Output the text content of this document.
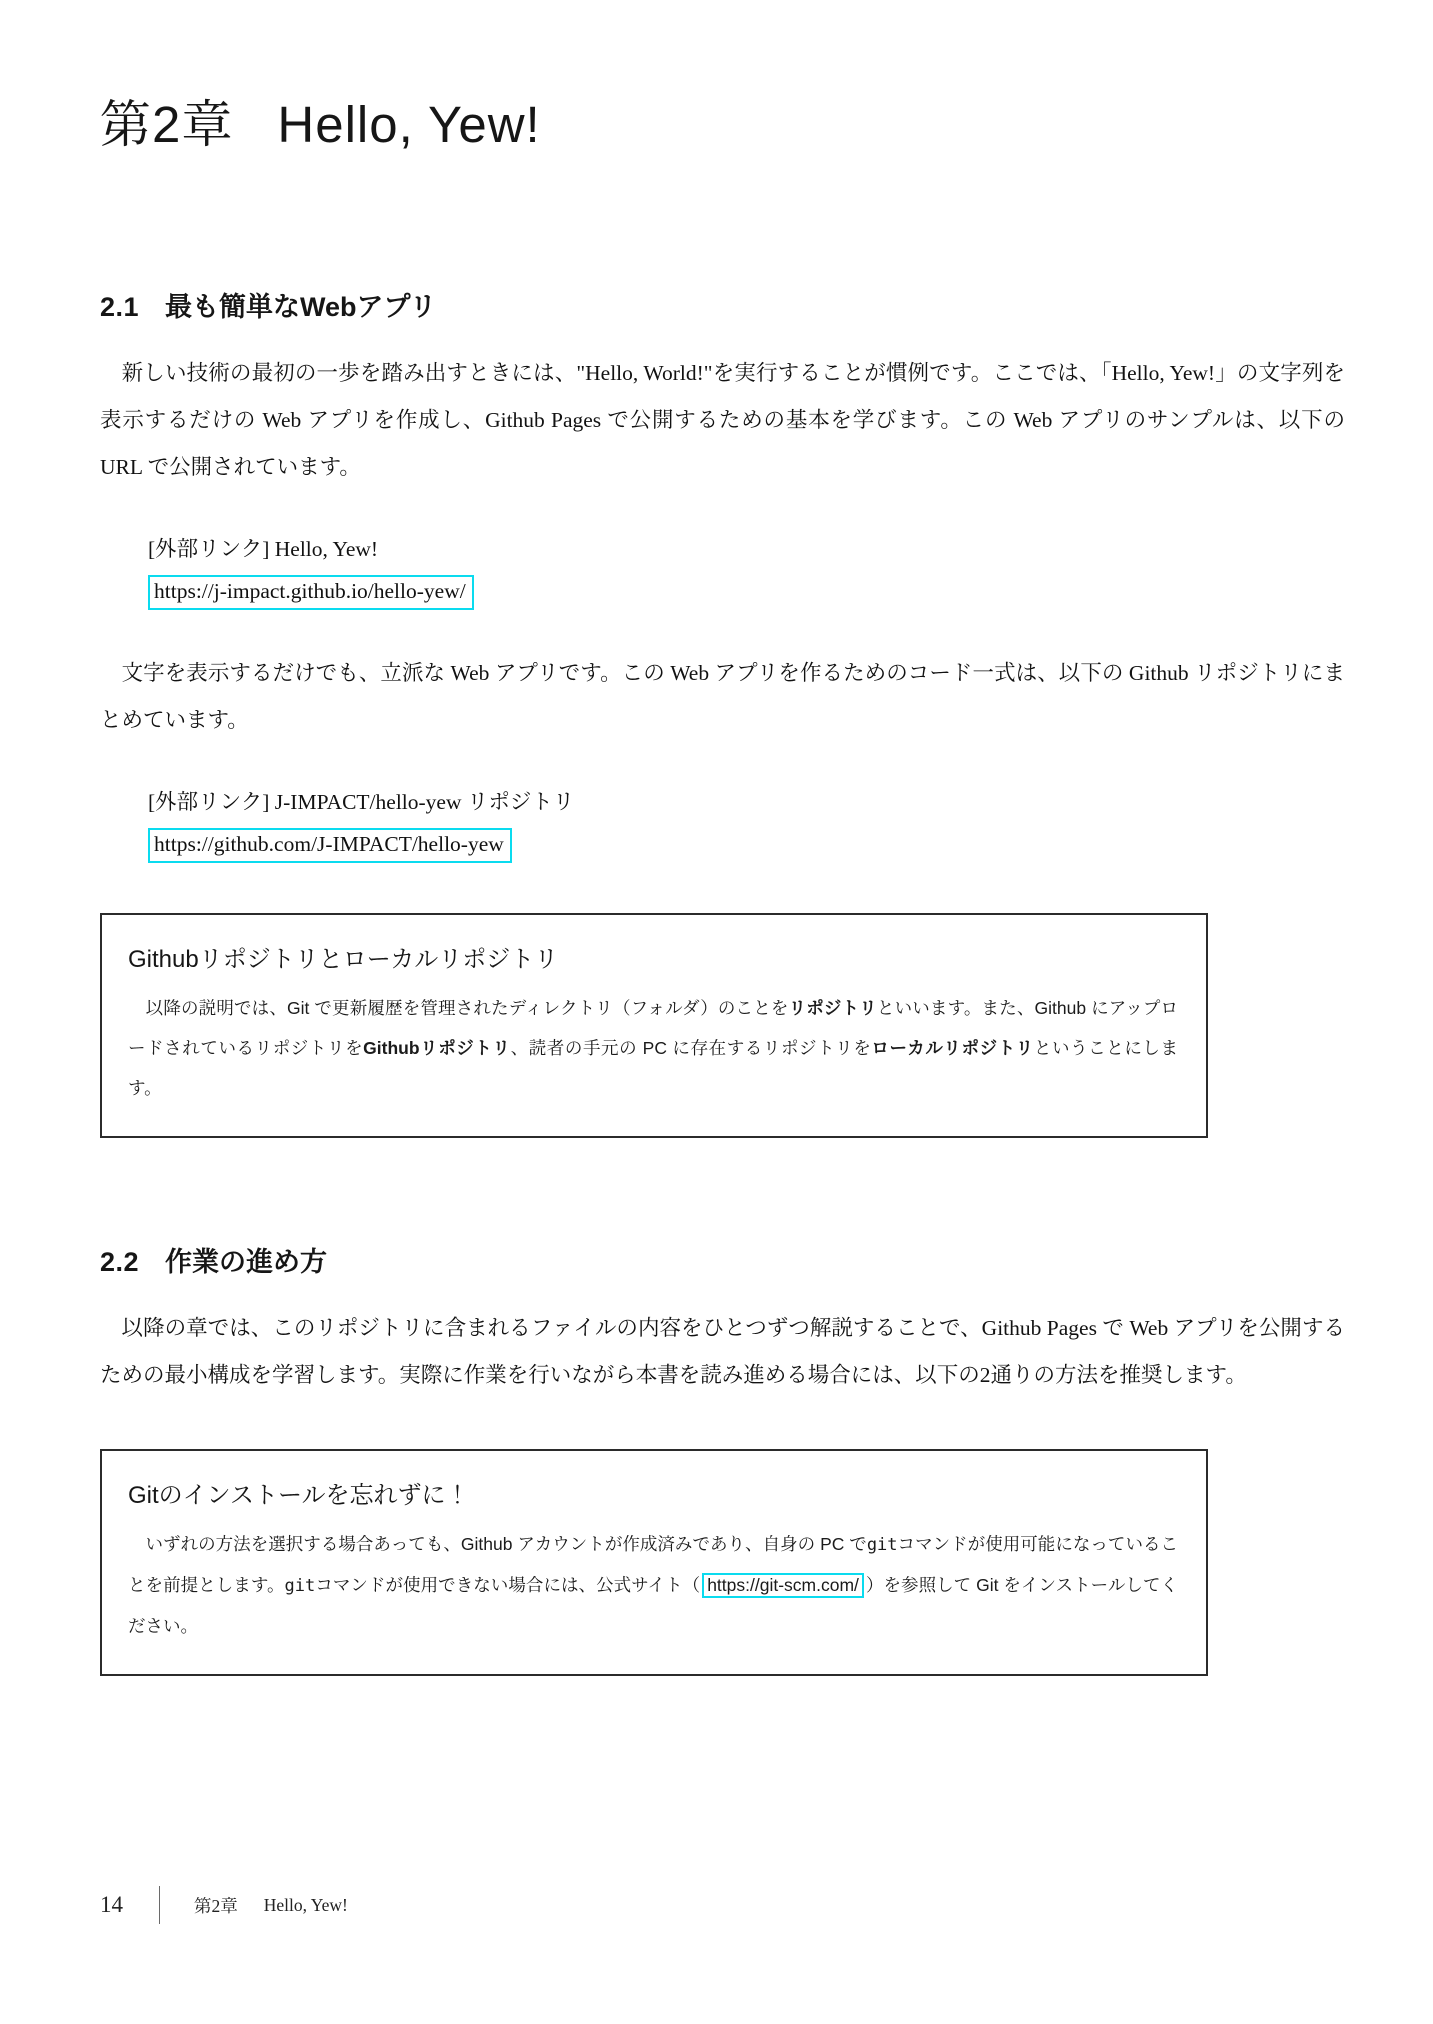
第2章 Hello, Yew!
2.1 最も簡単なWebアプリ

　新しい技術の最初の一歩を踏み出すときには、"Hello, World!"を実行することが慣例です。ここでは、「Hello, Yew!」の文字列を表示するだけの Web アプリを作成し、Github Pages で公開するための基本を学びます。この Web アプリのサンプルは、以下の URL で公開されています。

[外部リンク] Hello, Yew!
https://j-impact.github.io/hello-yew/

　文字を表示するだけでも、立派な Web アプリです。この Web アプリを作るためのコード一式は、以下の Github リポジトリにまとめています。

[外部リンク] J-IMPACT/hello-yew リポジトリ
https://github.com/J-IMPACT/hello-yew
Githubリポジトリとローカルリポジトリ
　以降の説明では、Git で更新履歴を管理されたディレクトリ（フォルダ）のことをリポジトリといいます。また、Github にアップロードされているリポジトリをGithubリポジトリ、読者の手元の PC に存在するリポジトリをローカルリポジトリということにします。
2.2 作業の進め方

　以降の章では、このリポジトリに含まれるファイルの内容をひとつずつ解説することで、Github Pages で Web アプリを公開するための最小構成を学習します。実際に作業を行いながら本書を読み進める場合には、以下の2通りの方法を推奨します。

Gitのインストールを忘れずに！
　いずれの方法を選択する場合あっても、Github アカウントが作成済みであり、自身の PC でgitコマンドが使用可能になっていることを前提とします。gitコマンドが使用できない場合には、公式サイト（ https://git-scm.com/ ）を参照して Git をインストールしてください。
14	第2章 Hello, Yew!
